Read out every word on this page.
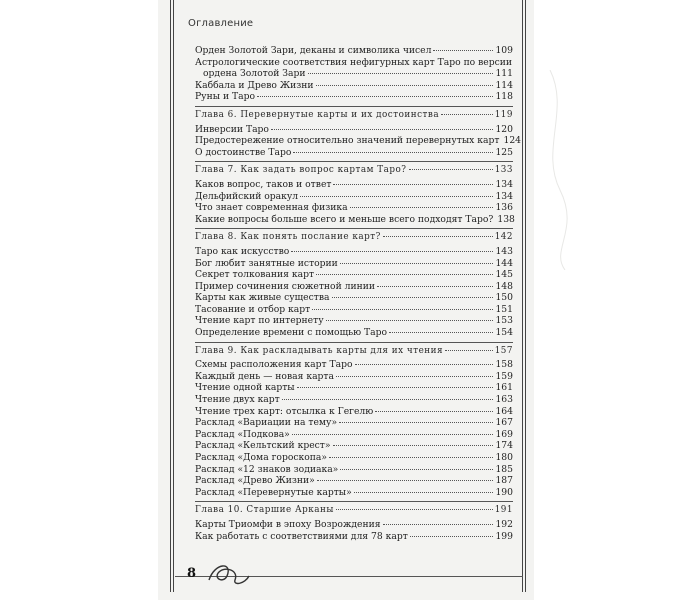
Оглавление
Орден Золотой Зари, деканы и символика чисел	109
Астрологические соответствия нефигурных карт Таро по версии
ордена Золотой Зари	111
Каббала и Древо Жизни	114
Руны и Таро	118
Глава 6. Перевернутые карты и их достоинства	119
Инверсии Таро	120
Предостережение относительно значений перевернутых карт 124
О достоинстве Таро	125
Глава 7. Как задать вопрос картам Таро?	133
Каков вопрос, таков и ответ	134
Дельфийский оракул	134
Что знает современная физика	136
Какие вопросы больше всего и меньше всего подходят Таро? 138
Глава 8. Как понять послание карт?	142
Таро как искусство	143
Бог любит занятные истории	144
Секрет толкования карт	145
Пример сочинения сюжетной линии	148
Карты как живые существа	150
Тасование и отбор карт	151
Чтение карт по интернету	153
Определение времени с помощью Таро	154
Глава 9. Как раскладывать карты для их чтения	157
Схемы расположения карт Таро	158
Каждый день — новая карта	159
Чтение одной карты	161
Чтение двух карт	163
Чтение трех карт: отсылка к Гегелю	164
Расклад «Вариации на тему»	167
Расклад «Подкова»	169
Расклад «Кельтский крест»	174
Расклад «Дома гороскопа»	180
Расклад «12 знаков зодиака»	185
Расклад «Древо Жизни»	187
Расклад «Перевернутые карты»	190
Глава 10. Старшие Арканы	191
Карты Триомфи в эпоху Возрождения	192
Как работать с соответствиями для 78 карт	199
8
